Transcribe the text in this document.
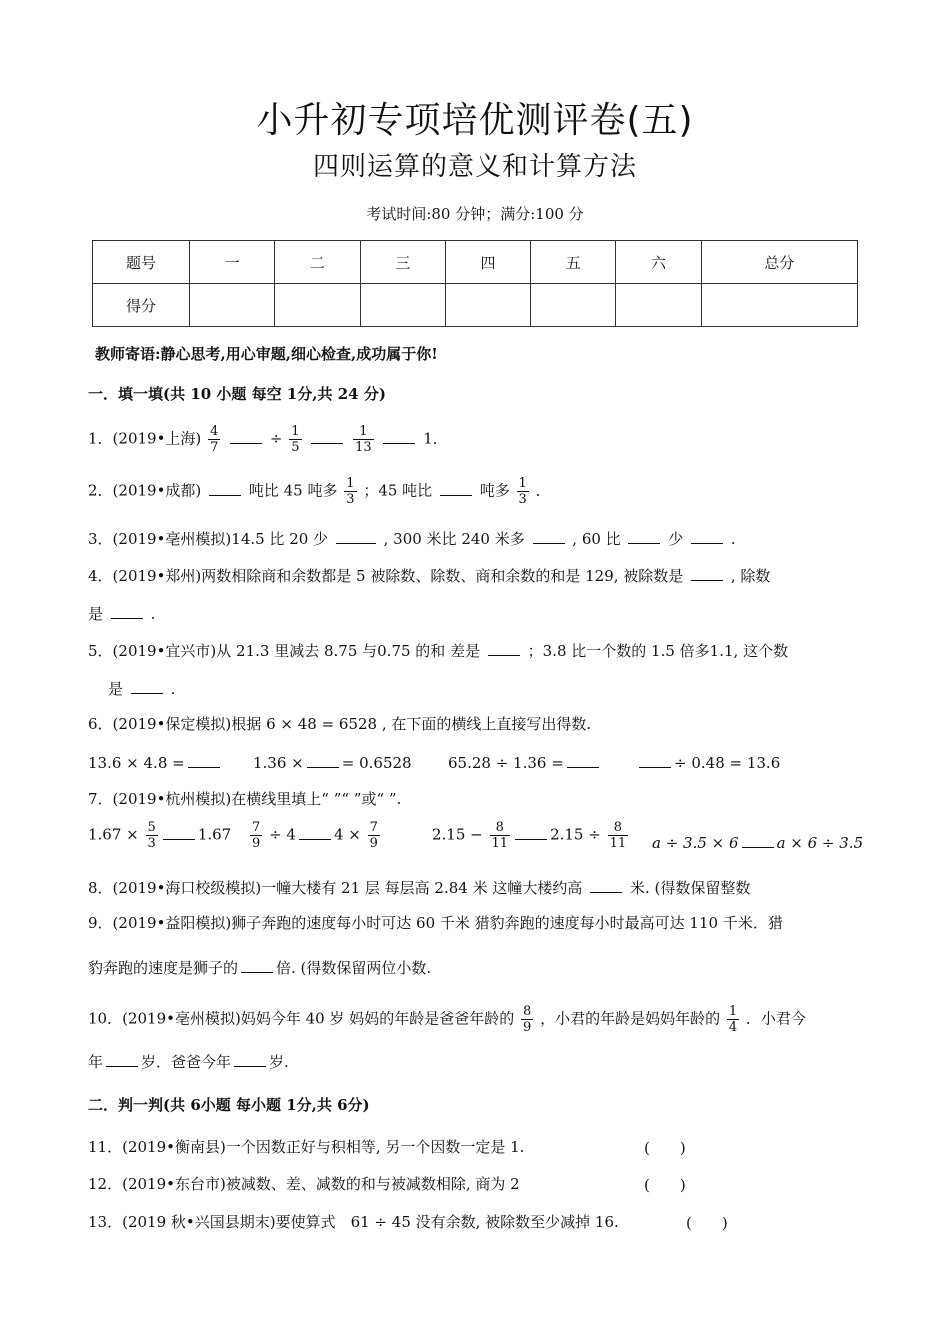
小升初专项培优测评卷(五)
四则运算的意义和计算方法
考试时间:80 分钟；满分:100 分
题号	一	二	三	四	五	六	总分
得分							
教师寄语:静心思考,用心审题,细心检查,成功属于你!
一．填一填(共 10 小题 每空 1分,共 24 分)
1．(2019•上海) $\frac{4}{7}$	÷ $\frac{1}{5}$
	$\frac{1}{13}$	1．
2．(2019•成都)	吨比 45 吨多 $\frac{1}{3}$ ；45 吨比	吨多 $\frac{1}{3}$ ．
3．(2019•亳州模拟)14.5 比 20 少	, 300 米比 240 米多	, 60 比	少	.
4．(2019•郑州)两数相除商和余数都是 5 被除数、除数、商和余数的和是 129, 被除数是	, 除数
是	.
5．(2019•宜兴市)从 21.3 里减去 8.75 与0.75 的和 差是	；3.8 比一个数的 1.5 倍多1.1, 这个数
是	.
6．(2019•保定模拟)根据 6 × 48 = 6528 , 在下面的横线上直接写出得数.
13.6 × 4.8 =	1.36 ×	= 0.6528 65.28 ÷ 1.36 =	÷ 0.48 = 13.6
7．(2019•杭州模拟)在横线里填上“ ”“ ”或“ ”.
$1.67 \times \frac{5}{3}$	$1.67 \frac{7}{9} \div 4$	$4 \times \frac{7}{9}$	$2.15 - \frac{8}{11}$	$2.15 \div \frac{8}{11}$ a ÷ 3.5 × 6	a × 6 ÷ 3.5
8．(2019•海口校级模拟)一幢大楼有 21 层 每层高 2.84 米 这幢大楼约高	米. (得数保留整数
9．(2019•益阳模拟)狮子奔跑的速度每小时可达 60 千米 猎豹奔跑的速度每小时最高可达 110 千米．猎
豹奔跑的速度是狮子的	倍. (得数保留两位小数.
10．(2019•亳州模拟)妈妈今年 40 岁 妈妈的年龄是爸爸年龄的 $\frac{8}{9}$ ，小君的年龄是妈妈年龄的 $\frac{1}{4}$ ．小君今
年	岁．爸爸今年	岁.
二．判一判(共 6小题 每小题 1分,共 6分)
11．(2019•衡南县)一个因数正好与积相等, 另一个因数一定是 1.	(　　)
12．(2019•东台市)被减数、差、减数的和与被减数相除, 商为 2	(　　)
13．(2019 秋•兴国县期末)要使算式　61 ÷ 45 没有余数, 被除数至少减掉 16.	(　　)
